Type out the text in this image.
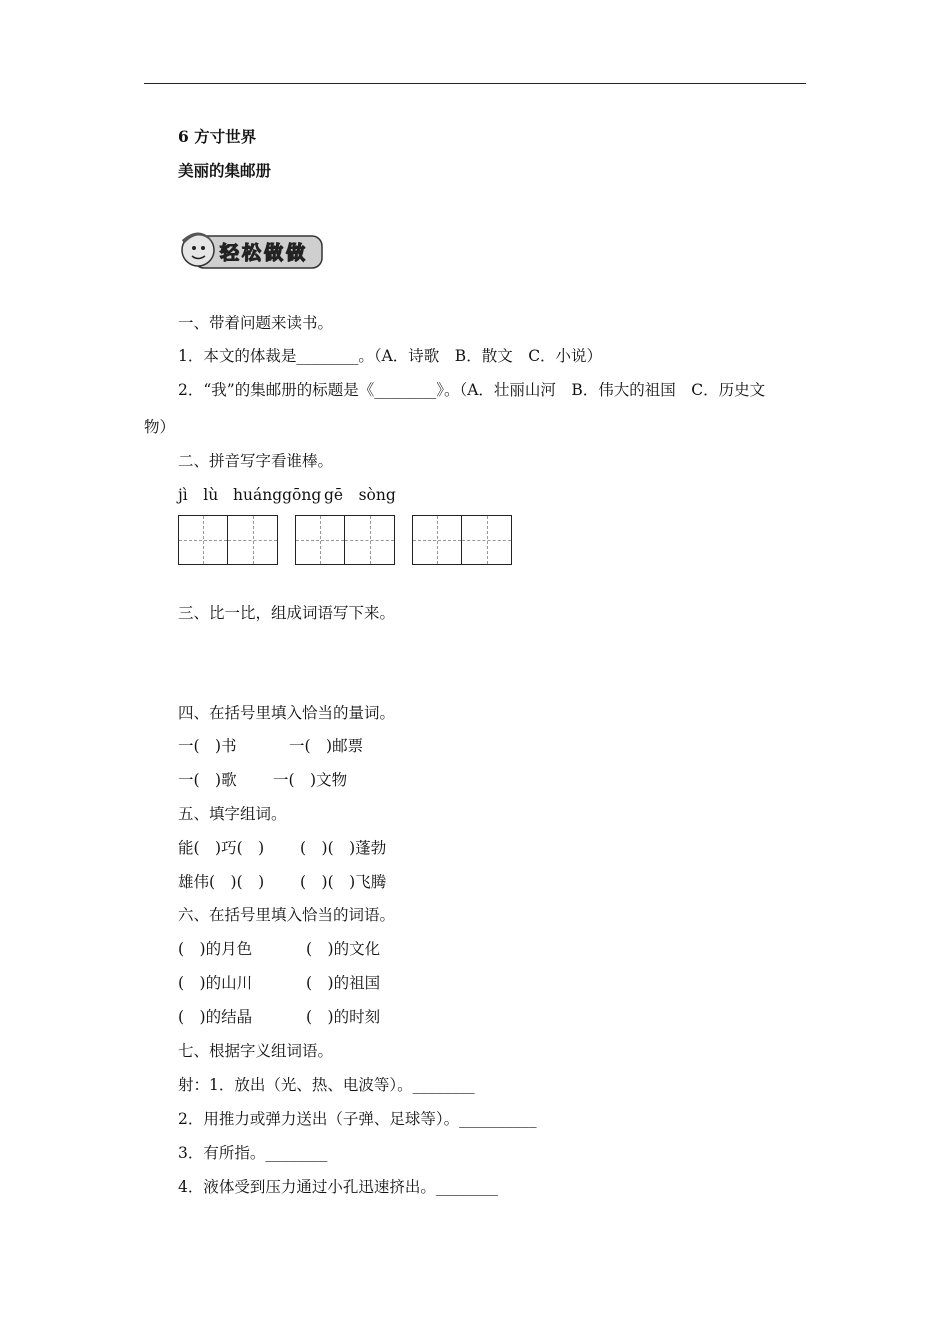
6 方寸世界
美丽的集邮册
轻松做做
一、带着问题来读书。
1．本文的体裁是________。（A．诗歌　B．散文　C．小说）
2．“我”的集邮册的标题是《________》。（A．壮丽山河　B．伟大的祖国　C．历史文
物）
二、拼音写字看谁棒。
jì　lù huánggōng gē　sòng
三、比一比，组成词语写下来。
四、在括号里填入恰当的量词。
一(　)书	一(　)邮票
一(　)歌 一(　)文物
五、填字组词。
能(　)巧(　) (　)(　)蓬勃
雄伟(　)(　) (　)(　)飞腾
六、在括号里填入恰当的词语。
(　)的月色	(　)的文化
(　)的山川	(　)的祖国
(　)的结晶	(　)的时刻
七、根据字义组词语。
射：1．放出（光、热、电波等）。________
2．用推力或弹力送出（子弹、足球等）。__________
3．有所指。________
4．液体受到压力通过小孔迅速挤出。________
